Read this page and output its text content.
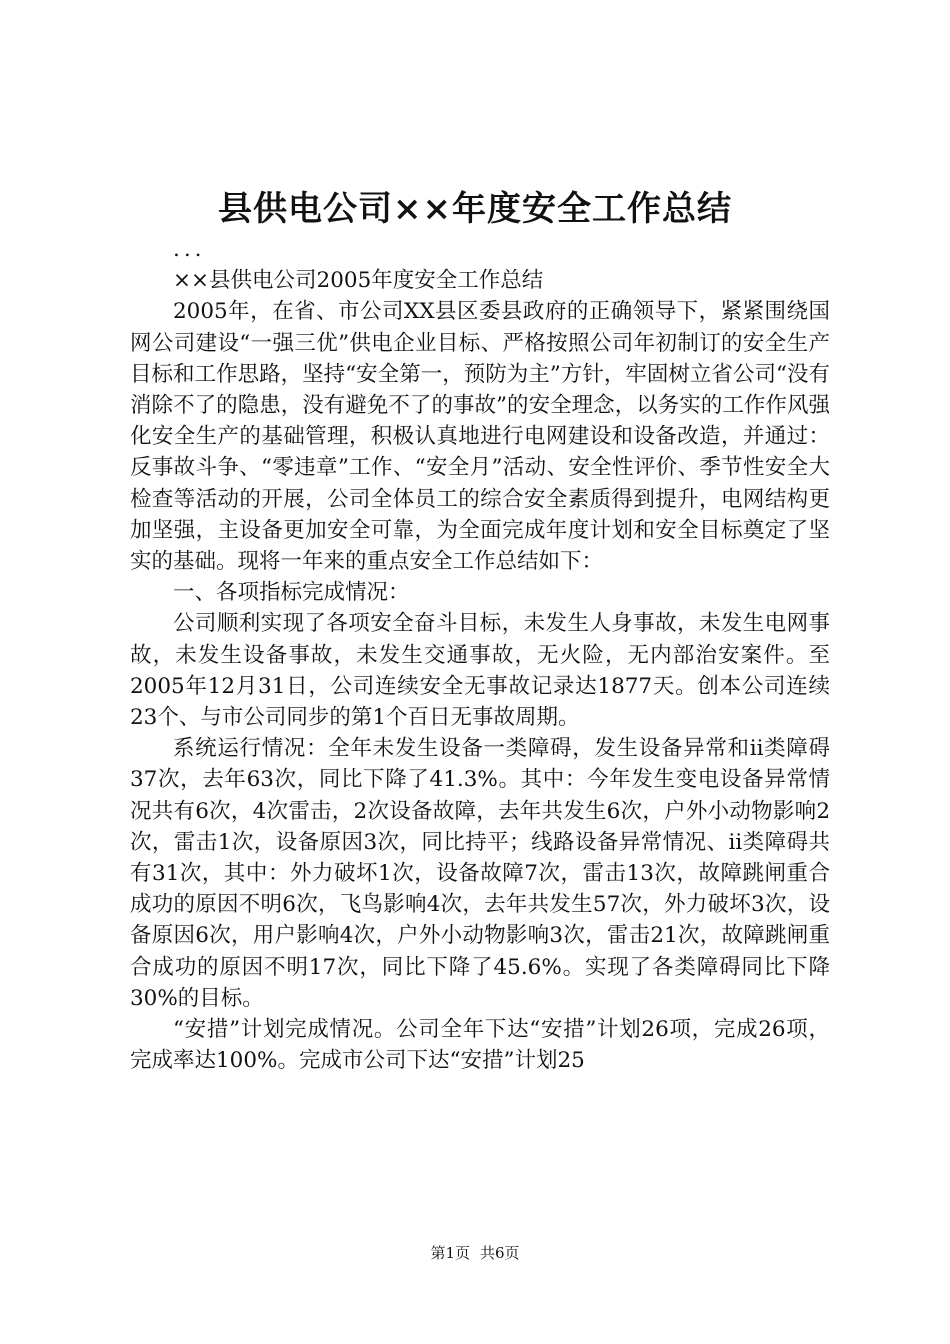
县供电公司××年度安全工作总结

...

××县供电公司2005年度安全工作总结

2005年，在省、市公司XX县区委县政府的正确领导下，紧紧围绕国网公司建设“一强三优”供电企业目标、严格按照公司年初制订的安全生产目标和工作思路，坚持“安全第一，预防为主”方针，牢固树立省公司“没有消除不了的隐患，没有避免不了的事故”的安全理念，以务实的工作作风强化安全生产的基础管理，积极认真地进行电网建设和设备改造，并通过：反事故斗争、“零违章”工作、“安全月”活动、安全性评价、季节性安全大检查等活动的开展，公司全体员工的综合安全素质得到提升，电网结构更加坚强，主设备更加安全可靠，为全面完成年度计划和安全目标奠定了坚实的基础。现将一年来的重点安全工作总结如下：

一、各项指标完成情况：

公司顺利实现了各项安全奋斗目标，未发生人身事故，未发生电网事故，未发生设备事故，未发生交通事故，无火险，无内部治安案件。至2005年12月31日，公司连续安全无事故记录达1877天。创本公司连续23个、与市公司同步的第1个百日无事故周期。

系统运行情况：全年未发生设备一类障碍，发生设备异常和ii类障碍37次，去年63次，同比下降了41.3%。其中：今年发生变电设备异常情况共有6次，4次雷击，2次设备故障，去年共发生6次，户外小动物影响2次，雷击1次，设备原因3次，同比持平；线路设备异常情况、ii类障碍共有31次，其中：外力破坏1次，设备故障7次，雷击13次，故障跳闸重合成功的原因不明6次，飞鸟影响4次，去年共发生57次，外力破坏3次，设备原因6次，用户影响4次，户外小动物影响3次，雷击21次，故障跳闸重合成功的原因不明17次，同比下降了45.6%。实现了各类障碍同比下降30%的目标。

“安措”计划完成情况。公司全年下达“安措”计划26项，完成26项，完成率达100%。完成市公司下达“安措”计划25

第1页 共6页
